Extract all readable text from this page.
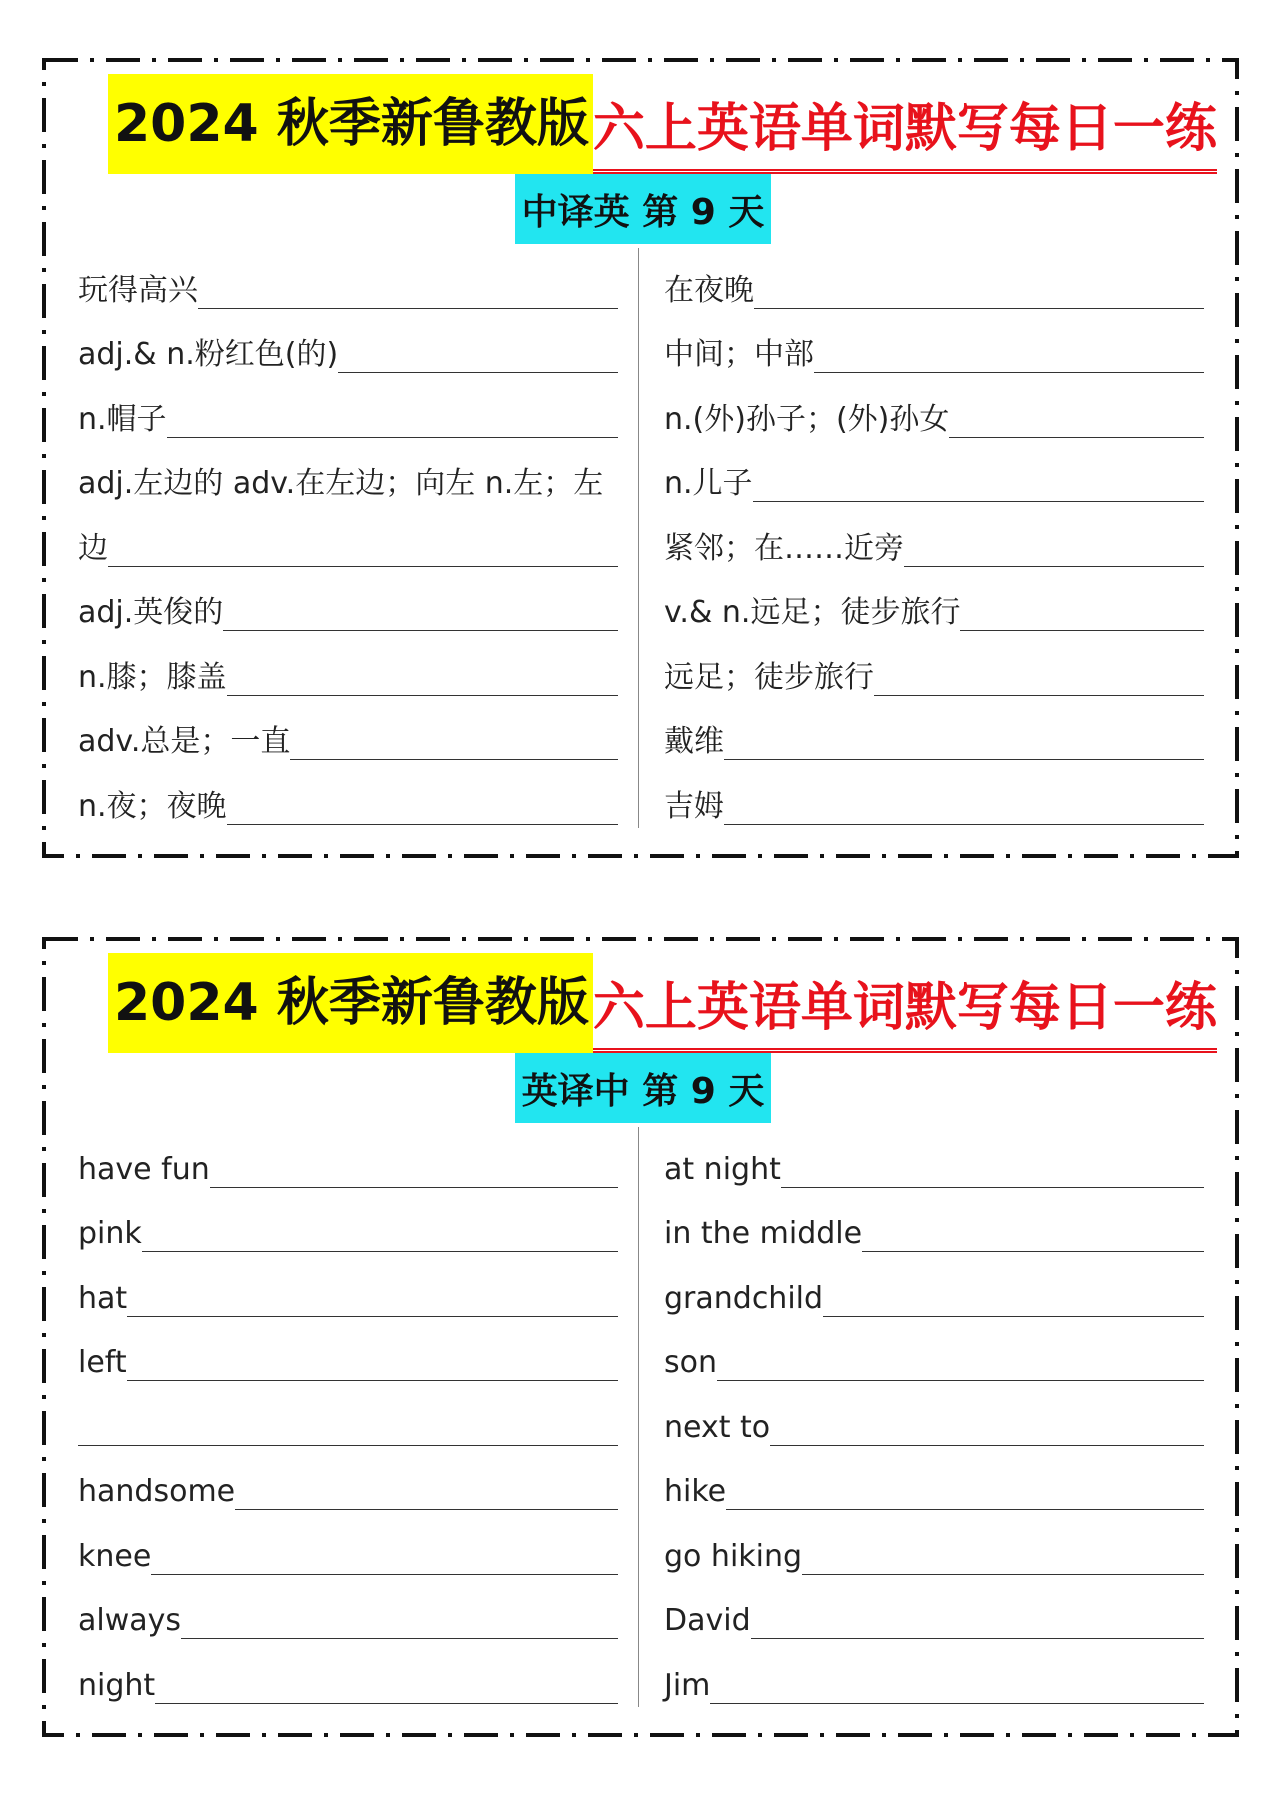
2024 秋季新鲁教版 六上英语单词默写每日一练
中译英 第 9 天
玩得高兴
adj.& n.粉红色(的)
n.帽子
adj.左边的 adv.在左边；向左 n.左；左
边
adj.英俊的
n.膝；膝盖
adv.总是；一直
n.夜；夜晚
在夜晚
中间；中部
n.(外)孙子；(外)孙女
n.儿子
紧邻；在……近旁
v.& n.远足；徒步旅行
远足；徒步旅行
戴维
吉姆
2024 秋季新鲁教版 六上英语单词默写每日一练
英译中 第 9 天
have fun
pink
hat
left
handsome
knee
always
night
at night
in the middle
grandchild
son
next to
hike
go hiking
David
Jim
